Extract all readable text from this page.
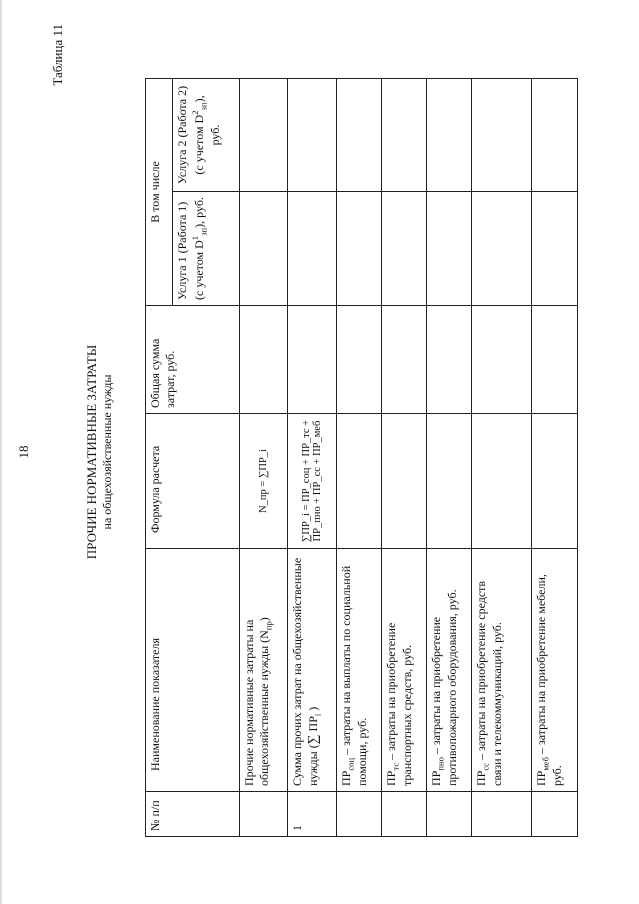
18
Таблица 11
ПРОЧИЕ НОРМАТИВНЫЕ ЗАТРАТЫ на общехозяйственные нужды
№ п/п	Наименование показателя	Формула расчета	Общая сумма затрат, руб.	В том числе	
				Услуга 1 (Работа 1) (с учетом $D^1_{зп}$), руб.	Услуга 2 (Работа 2) (с учетом $D^2_{зп}$), руб.
	Прочие нормативные затраты на общехозяйственные нужды $(N_{пр})$	N_пр = ∑ПР_i			
1	Сумма прочих затрат на общехозяйственные нужды (∑ $ПР_i$ )	∑ПР_i = ПР_соц + ПР_тс + ПР_пно + ПР_сс + ПР_меб			
	$ПР_{соц}$ – затраты на выплаты по социальной помощи, руб.				
	$ПР_{тс}$ – затраты на приобретение транспортных средств, руб.				
	$ПР_{пно}$ – затраты на приобретение противопожарного оборудования, руб.				
	$ПР_{сс}$ – затраты на приобретение средств связи и телекоммуникаций, руб.				
	$ПР_{меб}$ – затраты на приобретение мебели, руб.				
